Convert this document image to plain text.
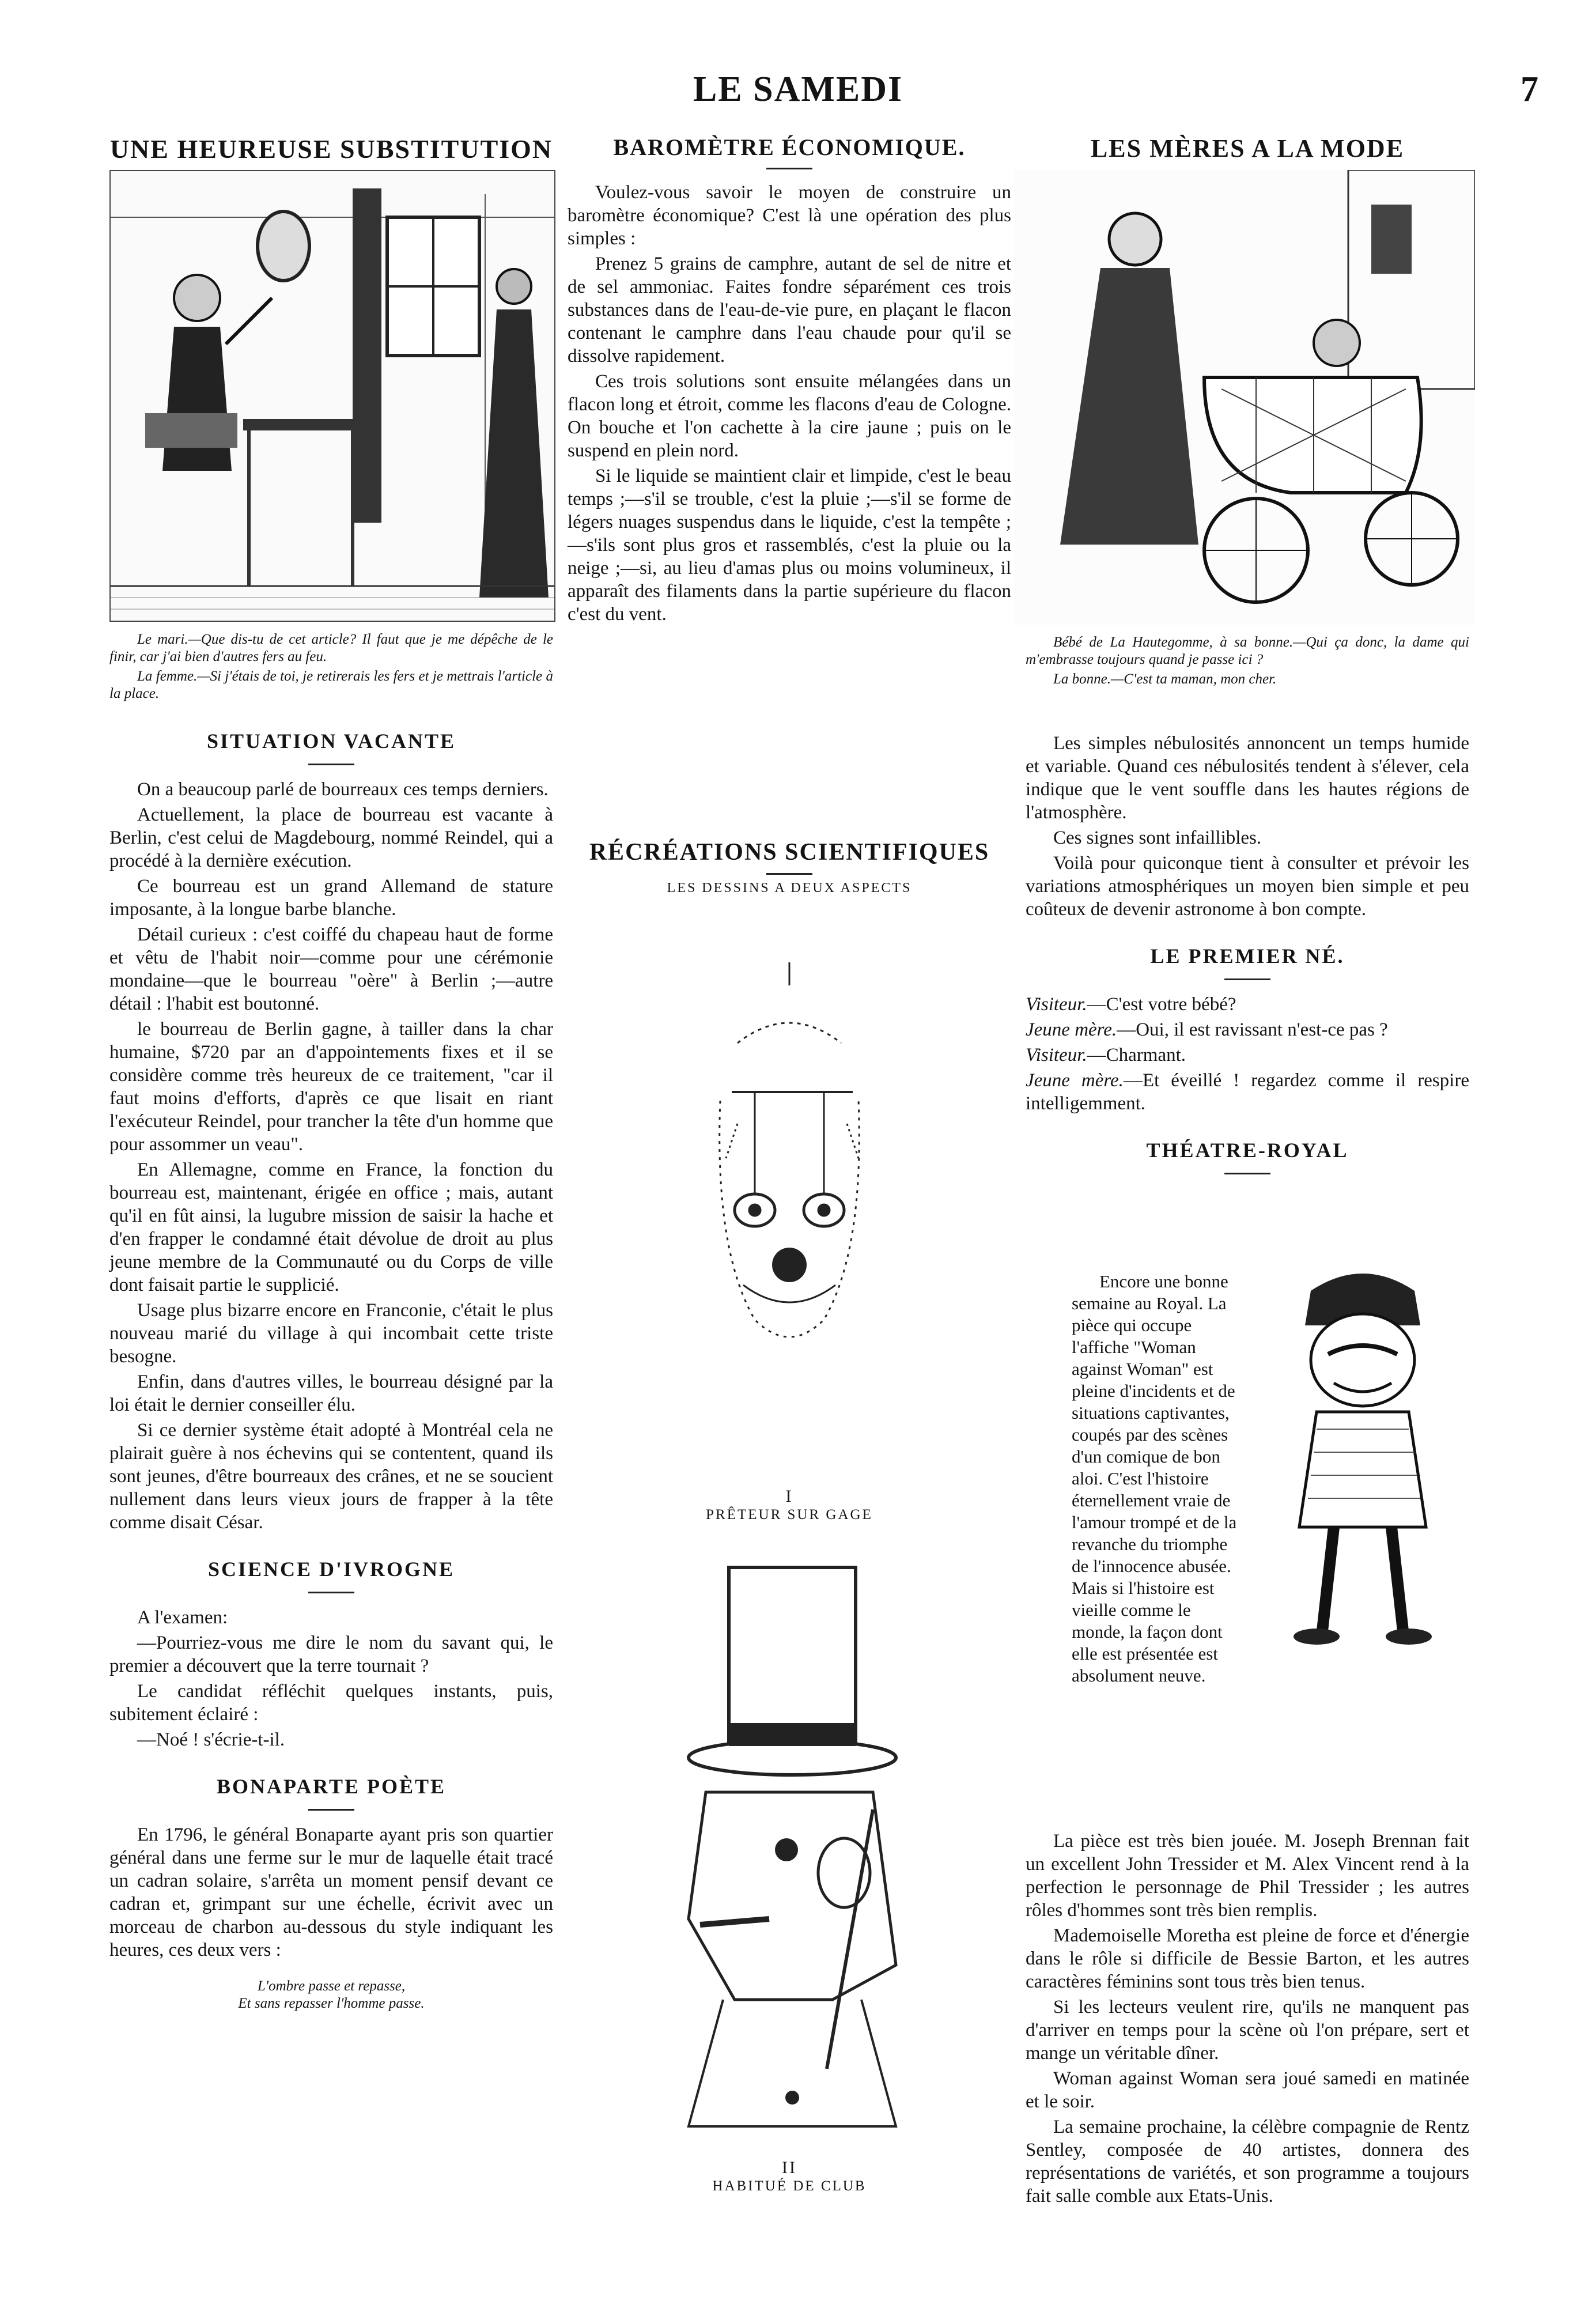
LE SAMEDI	7
UNE HEUREUSE SUBSTITUTION

Le mari.—Que dis-tu de cet article? Il faut que je me dépêche de le finir, car j'ai bien d'autres fers au feu.

La femme.—Si j'étais de toi, je retirerais les fers et je mettrais l'article à la place.

SITUATION VACANTE

On a beaucoup parlé de bourreaux ces temps derniers.

Actuellement, la place de bourreau est vacante à Berlin, c'est celui de Magdebourg, nommé Reindel, qui a procédé à la dernière exécution.

Ce bourreau est un grand Allemand de stature imposante, à la longue barbe blanche.

Détail curieux : c'est coiffé du chapeau haut de forme et vêtu de l'habit noir—comme pour une cérémonie mondaine—que le bourreau "oère" à Berlin ;—autre détail : l'habit est boutonné.

le bourreau de Berlin gagne, à tailler dans la char humaine, $720 par an d'appointements fixes et il se considère comme très heureux de ce traitement, "car il faut moins d'efforts, d'après ce que lisait en riant l'exécuteur Reindel, pour trancher la tête d'un homme que pour assommer un veau".

En Allemagne, comme en France, la fonction du bourreau est, maintenant, érigée en office ; mais, autant qu'il en fût ainsi, la lugubre mission de saisir la hache et d'en frapper le condamné était dévolue de droit au plus jeune membre de la Communauté ou du Corps de ville dont faisait partie le supplicié.

Usage plus bizarre encore en Franconie, c'était le plus nouveau marié du village à qui incombait cette triste besogne.

Enfin, dans d'autres villes, le bourreau désigné par la loi était le dernier conseiller élu.

Si ce dernier système était adopté à Montréal cela ne plairait guère à nos échevins qui se contentent, quand ils sont jeunes, d'être bourreaux des crânes, et ne se soucient nullement dans leurs vieux jours de frapper à la tête comme disait César.

SCIENCE D'IVROGNE

A l'examen:

—Pourriez-vous me dire le nom du savant qui, le premier a découvert que la terre tournait ?

Le candidat réfléchit quelques instants, puis, subitement éclairé :

—Noé ! s'écrie-t-il.

BONAPARTE POÈTE

En 1796, le général Bonaparte ayant pris son quartier général dans une ferme sur le mur de laquelle était tracé un cadran solaire, s'arrêta un moment pensif devant ce cadran et, grimpant sur une échelle, écrivit avec un morceau de charbon au-dessous du style indiquant les heures, ces deux vers :

L'ombre passe et repasse,
Et sans repasser l'homme passe.
BAROMÈTRE ÉCONOMIQUE.

Voulez-vous savoir le moyen de construire un baromètre économique? C'est là une opération des plus simples :

Prenez 5 grains de camphre, autant de sel de nitre et de sel ammoniac. Faites fondre séparément ces trois substances dans de l'eau-de-vie pure, en plaçant le flacon contenant le camphre dans l'eau chaude pour qu'il se dissolve rapidement.

Ces trois solutions sont ensuite mélangées dans un flacon long et étroit, comme les flacons d'eau de Cologne. On bouche et l'on cachette à la cire jaune ; puis on le suspend en plein nord.

Si le liquide se maintient clair et limpide, c'est le beau temps ;—s'il se trouble, c'est la pluie ;—s'il se forme de légers nuages suspendus dans le liquide, c'est la tempête ;—s'ils sont plus gros et rassemblés, c'est la pluie ou la neige ;—si, au lieu d'amas plus ou moins volumineux, il apparaît des filaments dans la partie supérieure du flacon c'est du vent.

RÉCRÉATIONS SCIENTIFIQUES
LES DESSINS A DEUX ASPECTS
I
PRÊTEUR SUR GAGE
II
HABITUÉ DE CLUB
LES MÈRES A LA MODE

Bébé de La Hautegomme, à sa bonne.—Qui ça donc, la dame qui m'embrasse toujours quand je passe ici ?

La bonne.—C'est ta maman, mon cher.

Les simples nébulosités annoncent un temps humide et variable. Quand ces nébulosités tendent à s'élever, cela indique que le vent souffle dans les hautes régions de l'atmosphère.

Ces signes sont infaillibles.

Voilà pour quiconque tient à consulter et prévoir les variations atmosphériques un moyen bien simple et peu coûteux de devenir astronome à bon compte.

LE PREMIER NÉ.

Visiteur.—C'est votre bébé?

Jeune mère.—Oui, il est ravissant n'est-ce pas ?

Visiteur.—Charmant.

Jeune mère.—Et éveillé ! regardez comme il respire intelligemment.

THÉATRE-ROYAL

Encore une bonne semaine au Royal. La pièce qui occupe l'affiche "Woman against Woman" est pleine d'incidents et de situations captivantes, coupés par des scènes d'un comique de bon aloi. C'est l'histoire éternellement vraie de l'amour trompé et de la revanche du triomphe de l'innocence abusée. Mais si l'histoire est vieille comme le monde, la façon dont elle est présentée est absolument neuve.

La pièce est très bien jouée. M. Joseph Brennan fait un excellent John Tressider et M. Alex Vincent rend à la perfection le personnage de Phil Tressider ; les autres rôles d'hommes sont très bien remplis.

Mademoiselle Moretha est pleine de force et d'énergie dans le rôle si difficile de Bessie Barton, et les autres caractères féminins sont tous très bien tenus.

Si les lecteurs veulent rire, qu'ils ne manquent pas d'arriver en temps pour la scène où l'on prépare, sert et mange un véritable dîner.

Woman against Woman sera joué samedi en matinée et le soir.

La semaine prochaine, la célèbre compagnie de Rentz Sentley, composée de 40 artistes, donnera des représentations de variétés, et son programme a toujours fait salle comble aux Etats-Unis.
